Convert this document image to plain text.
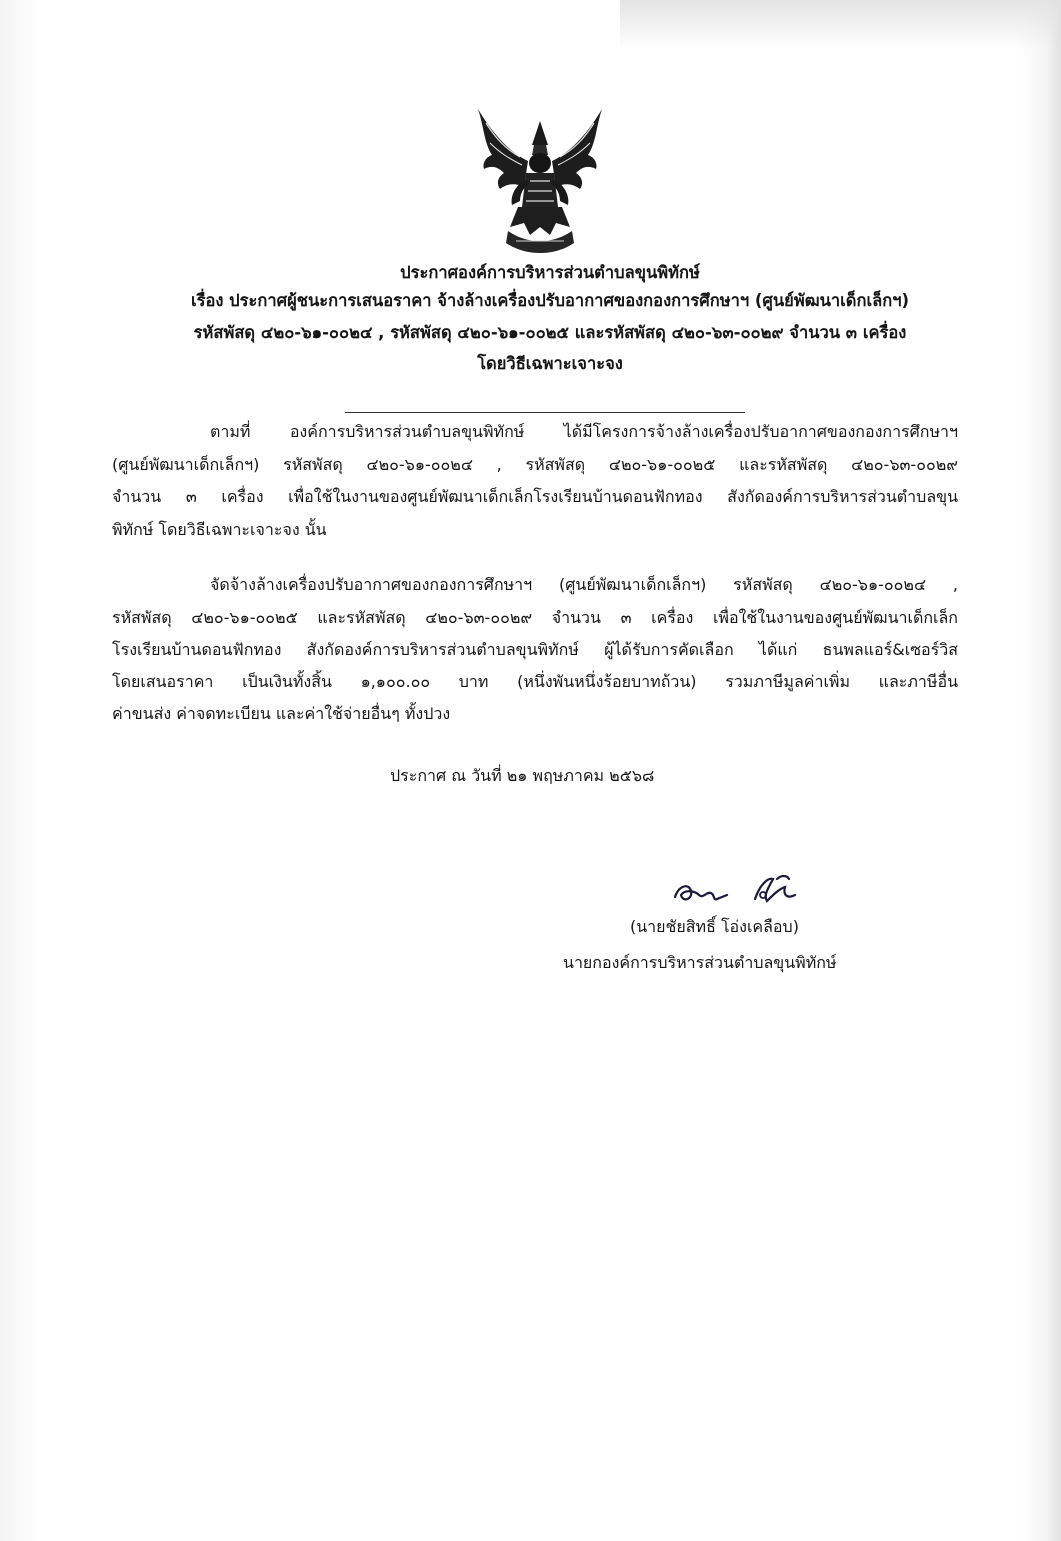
ประกาศองค์การบริหารส่วนตำบลขุนพิทักษ์
เรื่อง ประกาศผู้ชนะการเสนอราคา จ้างล้างเครื่องปรับอากาศของกองการศึกษาฯ (ศูนย์พัฒนาเด็กเล็กฯ)
รหัสพัสดุ ๔๒๐-๖๑-๐๐๒๔ , รหัสพัสดุ ๔๒๐-๖๑-๐๐๒๕ และรหัสพัสดุ ๔๒๐-๖๓-๐๐๒๙ จำนวน ๓ เครื่อง
โดยวิธีเฉพาะเจาะจง
ตามที่ องค์การบริหารส่วนตำบลขุนพิทักษ์ ได้มีโครงการจ้างล้างเครื่องปรับอากาศของกองการศึกษาฯ
(ศูนย์พัฒนาเด็กเล็กฯ) รหัสพัสดุ ๔๒๐-๖๑-๐๐๒๔ , รหัสพัสดุ ๔๒๐-๖๑-๐๐๒๕ และรหัสพัสดุ ๔๒๐-๖๓-๐๐๒๙
จำนวน ๓ เครื่อง เพื่อใช้ในงานของศูนย์พัฒนาเด็กเล็กโรงเรียนบ้านดอนฟักทอง สังกัดองค์การบริหารส่วนตำบลขุน
พิทักษ์ โดยวิธีเฉพาะเจาะจง นั้น
จัดจ้างล้างเครื่องปรับอากาศของกองการศึกษาฯ (ศูนย์พัฒนาเด็กเล็กฯ) รหัสพัสดุ ๔๒๐-๖๑-๐๐๒๔ ,
รหัสพัสดุ ๔๒๐-๖๑-๐๐๒๕ และรหัสพัสดุ ๔๒๐-๖๓-๐๐๒๙ จำนวน ๓ เครื่อง เพื่อใช้ในงานของศูนย์พัฒนาเด็กเล็ก
โรงเรียนบ้านดอนฟักทอง สังกัดองค์การบริหารส่วนตำบลขุนพิทักษ์ ผู้ได้รับการคัดเลือก ได้แก่ ธนพลแอร์&เซอร์วิส
โดยเสนอราคา เป็นเงินทั้งสิ้น ๑,๑๐๐.๐๐ บาท (หนึ่งพันหนึ่งร้อยบาทถ้วน) รวมภาษีมูลค่าเพิ่ม และภาษีอื่น
ค่าขนส่ง ค่าจดทะเบียน และค่าใช้จ่ายอื่นๆ ทั้งปวง
ประกาศ ณ วันที่ ๒๑ พฤษภาคม ๒๕๖๘
(นายชัยสิทธิ์ โอ่งเคลือบ)
นายกองค์การบริหารส่วนตำบลขุนพิทักษ์
